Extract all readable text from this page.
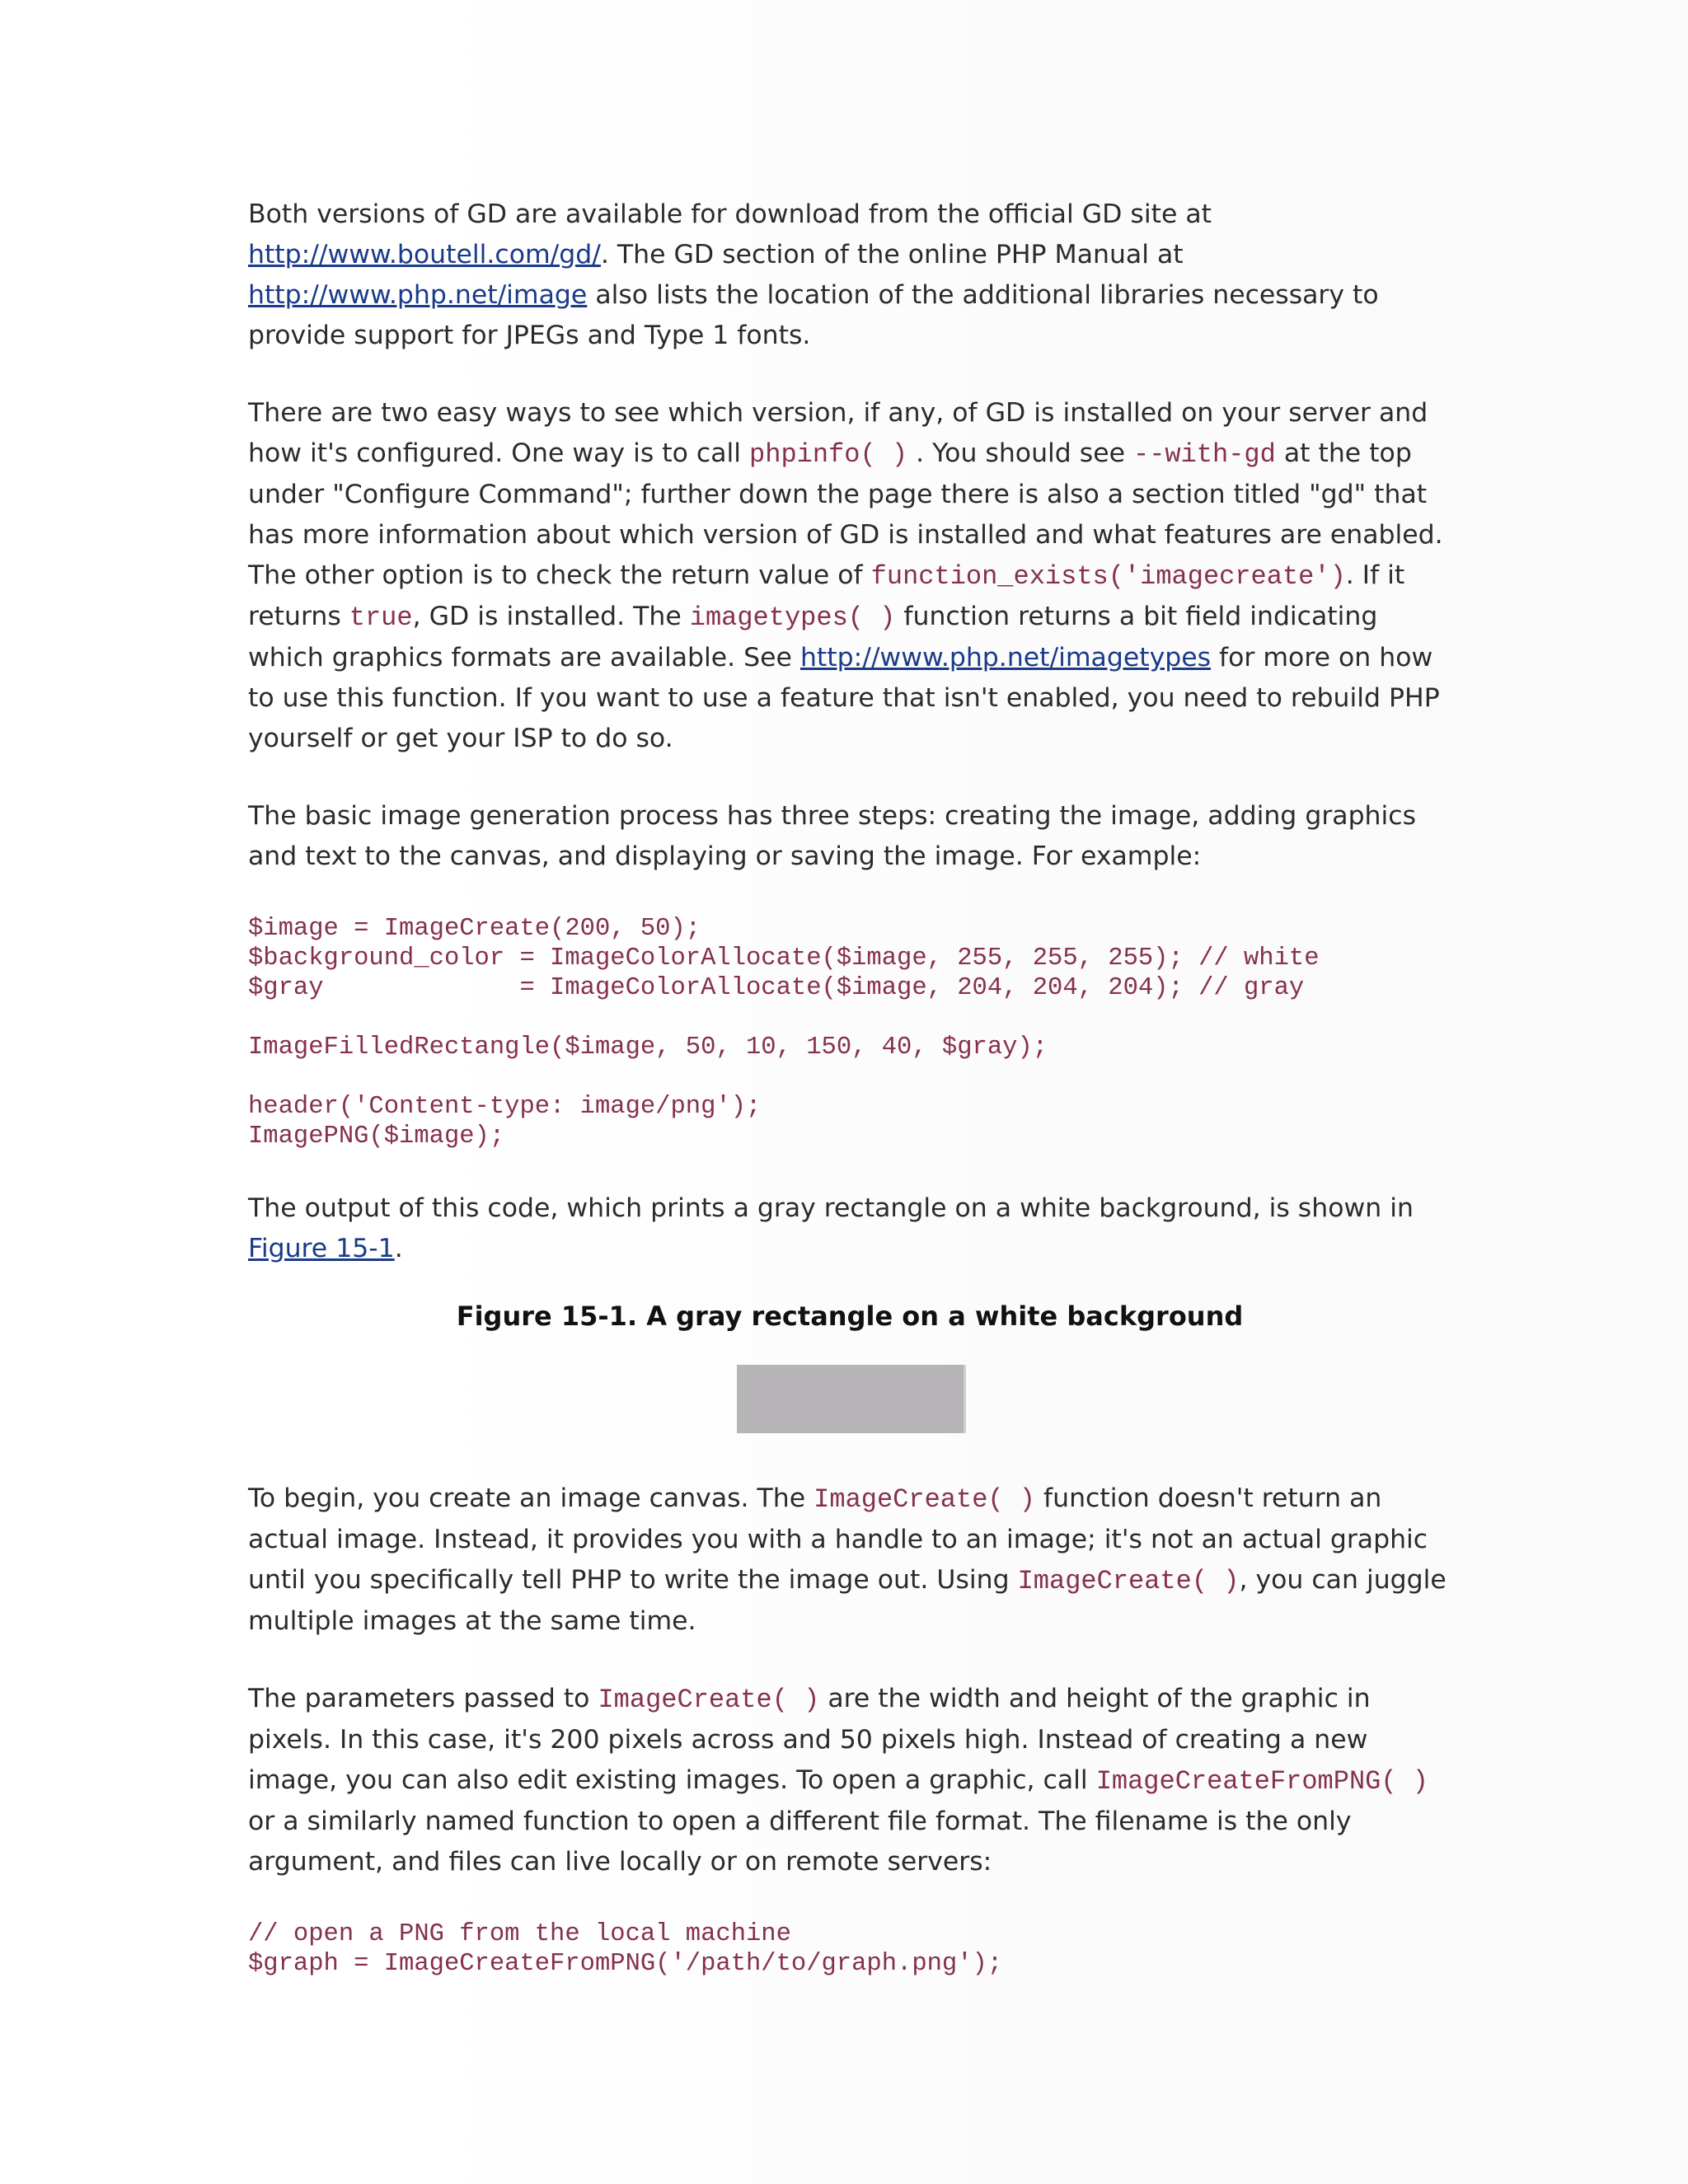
Both versions of GD are available for download from the official GD site at http://www.boutell.com/gd/. The GD section of the online PHP Manual at http://www.php.net/image also lists the location of the additional libraries necessary to provide support for JPEGs and Type 1 fonts.

There are two easy ways to see which version, if any, of GD is installed on your server and how it's configured. One way is to call phpinfo( ) . You should see --with-gd at the top under "Configure Command"; further down the page there is also a section titled "gd" that has more information about which version of GD is installed and what features are enabled. The other option is to check the return value of function_exists('imagecreate'). If it returns true, GD is installed. The imagetypes( ) function returns a bit field indicating which graphics formats are available. See http://www.php.net/imagetypes for more on how to use this function. If you want to use a feature that isn't enabled, you need to rebuild PHP yourself or get your ISP to do so.

The basic image generation process has three steps: creating the image, adding graphics and text to the canvas, and displaying or saving the image. For example:

$image = ImageCreate(200, 50);
$background_color = ImageColorAllocate($image, 255, 255, 255); // white
$gray             = ImageColorAllocate($image, 204, 204, 204); // gray
ImageFilledRectangle($image, 50, 10, 150, 40, $gray);
header('Content-type: image/png');
ImagePNG($image);

The output of this code, which prints a gray rectangle on a white background, is shown in Figure 15-1.

Figure 15-1. A gray rectangle on a white background

To begin, you create an image canvas. The ImageCreate( ) function doesn't return an actual image. Instead, it provides you with a handle to an image; it's not an actual graphic until you specifically tell PHP to write the image out. Using ImageCreate( ), you can juggle multiple images at the same time.

The parameters passed to ImageCreate( ) are the width and height of the graphic in pixels. In this case, it's 200 pixels across and 50 pixels high. Instead of creating a new image, you can also edit existing images. To open a graphic, call ImageCreateFromPNG( ) or a similarly named function to open a different file format. The filename is the only argument, and files can live locally or on remote servers:

// open a PNG from the local machine
$graph = ImageCreateFromPNG('/path/to/graph.png');
